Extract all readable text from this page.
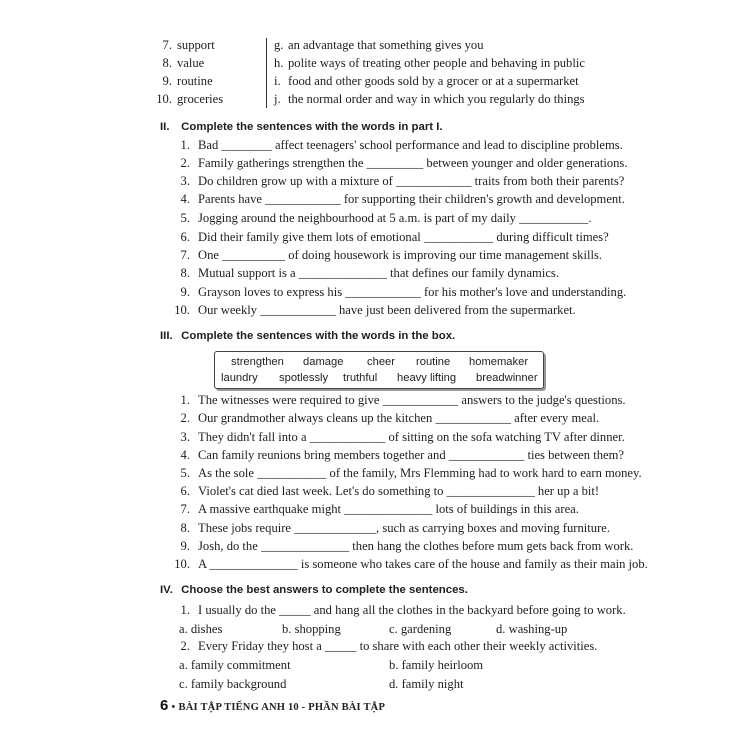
7. support	g. an advantage that something gives you
8. value	h. polite ways of treating other people and behaving in public
9. routine	i. food and other goods sold by a grocer or at a supermarket
10. groceries	j. the normal order and way in which you regularly do things
II. Complete the sentences with the words in part I.
1. Bad ________ affect teenagers' school performance and lead to discipline problems.
2. Family gatherings strengthen the _________ between younger and older generations.
3. Do children grow up with a mixture of ____________ traits from both their parents?
4. Parents have ____________ for supporting their children's growth and development.
5. Jogging around the neighbourhood at 5 a.m. is part of my daily ___________.
6. Did their family give them lots of emotional ___________ during difficult times?
7. One __________ of doing housework is improving our time management skills.
8. Mutual support is a ______________ that defines our family dynamics.
9. Grayson loves to express his ____________ for his mother's love and understanding.
10. Our weekly ____________ have just been delivered from the supermarket.
III. Complete the sentences with the words in the box.
strengthen damage cheer routine homemaker
laundry spotlessly truthful heavy lifting breadwinner
1. The witnesses were required to give ____________ answers to the judge's questions.
2. Our grandmother always cleans up the kitchen ____________ after every meal.
3. They didn't fall into a ____________ of sitting on the sofa watching TV after dinner.
4. Can family reunions bring members together and ____________ ties between them?
5. As the sole ___________ of the family, Mrs Flemming had to work hard to earn money.
6. Violet's cat died last week. Let's do something to ______________ her up a bit!
7. A massive earthquake might ______________ lots of buildings in this area.
8. These jobs require _____________, such as carrying boxes and moving furniture.
9. Josh, do the ______________ then hang the clothes before mum gets back from work.
10. A ______________ is someone who takes care of the house and family as their main job.
IV. Choose the best answers to complete the sentences.
1. I usually do the _____ and hang all the clothes in the backyard before going to work.
a. dishes	b. shopping	c. gardening	d. washing-up
2. Every Friday they host a _____ to share with each other their weekly activities.
a. family commitment	b. family heirloom
c. family background	d. family night
6 • BÀI TẬP TIẾNG ANH 10 - PHẦN BÀI TẬP
